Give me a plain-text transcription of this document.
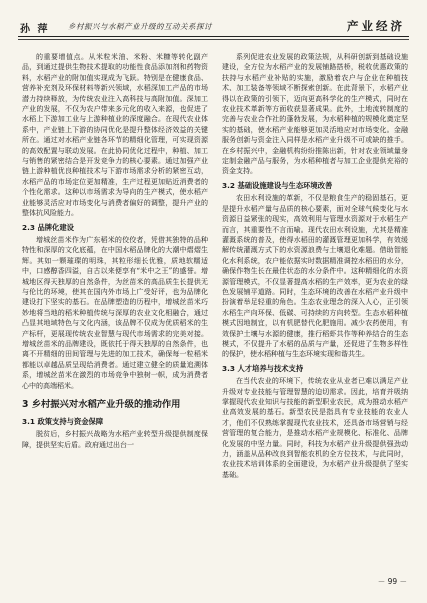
孙 萍 乡村振兴与水稻产业升级的互动关系探讨	产业经济

的重要增值点。从米粒米油、米粉、米糠等转化副产品，到通过提供生物技术提取的功能性食品添加剂和药物资料，水稻产业的附加值实现成为飞跃。特别是在健康食品、营养补充剂及环保材料等新兴领域，水稻深加工产品的市场潜力持续释放，为传统农业注入高科技与高附加值。深加工产业的发展，不仅为农户带来多元化的收入来源，也促进了水稻上下游加工业与上游种植业的深度融合。在现代农业体系中，产业链上下游的协同优化是提升整体经济效益的关键所在。通过对水稻产业链各环节的精细化管理，可实现资源的高效配置与联动发展。在此协同优化过程中，种植、加工与销售的紧密结合是开发竞争力的核心要素。通过加强产业链上游种植优良种植技术与下游市场需求分析的紧密互动，水稻产品的市场定位更加精准，生产过程更加贴近消费者的个性化需求。这种以市场需求为导向的生产模式，使水稻产业能够灵活应对市场变化与消费者偏好的调整，提升产业的整体抗风险能力。

2.3 品牌化建设

增城丝苗米作为广东稻米的佼佼者，凭借其独特的品种特性和深厚的文化底蕴，在中国水稻品牌化的大潮中熠熠生辉。其如一颗璀璨的明珠，其粒形细长优雅，质地软糯适中，口感醇香四溢，自古以来便享有“米中之王”的盛誉。增城地区得天独厚的自然条件，为丝苗米的高品质生长提供无与伦比的环境，使其在国内外市场上广受好评，也为品牌化建设打下坚实的基石。在品牌塑造的历程中，增城丝苗米巧妙地将当地的稻米种植传统与深厚的农业文化相融合，通过凸显其地域特色与文化内涵，该品牌不仅成为优质稻米的生产标杆，更展现传统农业智慧与现代市场需求的完美对接。增城丝苗米的品牌建设，既依托于得天独厚的自然条件，也离不开精细的田间管理与先进的加工技术，确保每一粒稻米都能以卓越品质呈现给消费者。通过建立健全的质量追溯体系，增城丝苗米在激烈的市场竞争中独树一帜，成为消费者心中的高端稻米。

3 乡村振兴对水稻产业升级的推动作用
3.1 政策支持与资金保障

脱贫后，乡村振兴战略为水稻产业转型升级提供制度保障，提供坚实后盾。政府通过出台一

系列促进农业发展的政策法规，从科研创新到基础设施建设，全方位为水稻产业的发展铺路搭桥，税收优惠政策的扶持与水稻产业补贴的实施，激励着农户与企业在种植技术、加工装备等领域不断探索创新。在此背景下，水稻产业得以在政策的引领下，迈向更高科学化的生产模式，同时在农业技术革新等方面收获显著成果。此外，土地流转制度的完善与农业合作社的蓬勃发展，为水稻种植的规模化奠定坚实的基础，使水稻产业能够更加灵活地应对市场变化。金融服务创新与资金注入同样是水稻产业升级不可或缺的推手。在乡村振兴中，金融机构纷纷推陈出新，针对农业领域量身定制金融产品与服务，为水稻种植者与加工企业提供充裕的资金支持。

3.2 基础设施建设与生态环境改善

农田水利设施的革新，不仅是粮食生产的稳固基石，更是提升水稻产量与品质的核心要素，面对全球气候变化与水资源日益紧张的现实，高效利用与管理水资源对于水稻生产而言，其重要性不言而喻。现代农田水利设施，尤其是精准灌溉系统的普及，使得水稻田的灌溉管理更加科学，有效缓解传统灌溉方式下的水资源浪费与土壤退化难题。借助智能化水利系统，农户能依据实时数据精准调控水稻田的水分，确保作物生长在最佳状态的水分条件中。这种精细化的水资源管理模式，不仅显著提高水稻的生产效率，更为农业的绿色发展铺平道路。同时，生态环境的改善在水稻产业升级中扮演着举足轻重的角色。生态农业理念的深入人心，正引领水稻生产向环保、低碳、可持续的方向转型。生态水稻种植模式因地制宜，以有机肥替代化肥施用。减少农药使用，有效保护土壤与水源的健康，推行稻虾共作等种养结合的生态模式，不仅提升了水稻的品质与产量，还促进了生物多样性的保护，使水稻种植与生态环境实现和谐共生。

3.3 人才培养与技术支持

在当代农业的环境下，传统农业从业者已难以满足产业升级对专业技能与管理智慧的迫切需求。因此，培育并吸纳掌握现代农业知识与技能的新型职业农民，成为推动水稻产业高效发展的基石。新型农民是指具有专业技能的农业人才，他们不仅熟练掌握现代农业技术，还具备市场营销与经营管理的复合能力，是推动水稻产业规模化、标准化、品牌化发展的中坚力量。同时，科技为水稻产业升级提供强劲动力，涵盖从品种改良到智能农机的全方位技术，与此同时，农业技术培训体系的全面建设，为水稻产业升级提供了坚实基础。

－ 99 －
